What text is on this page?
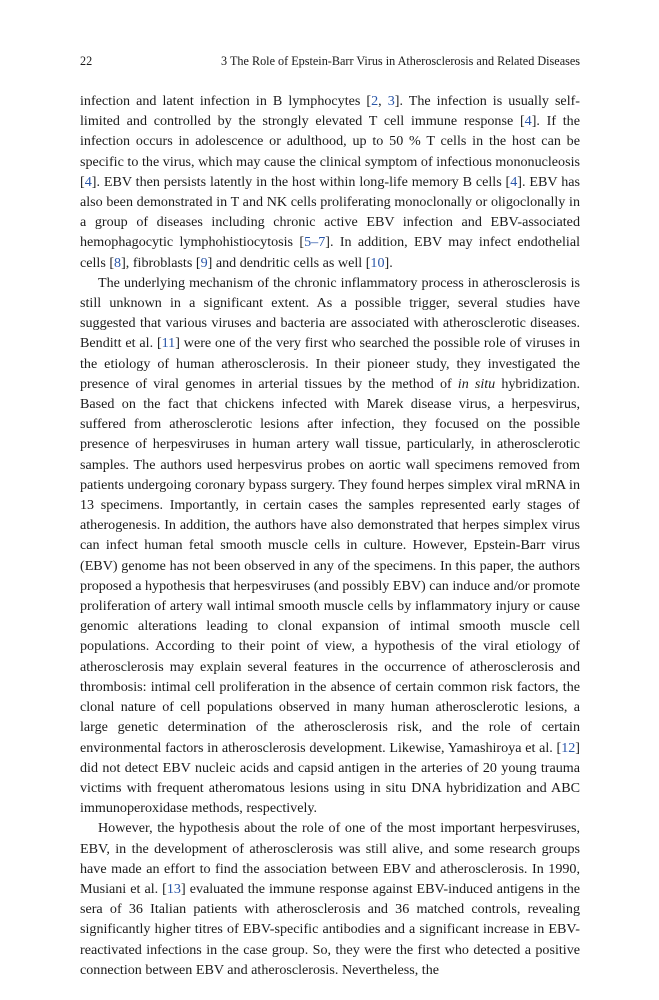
22	3 The Role of Epstein-Barr Virus in Atherosclerosis and Related Diseases

infection and latent infection in B lymphocytes [2, 3]. The infection is usually self-limited and controlled by the strongly elevated T cell immune response [4]. If the infection occurs in adolescence or adulthood, up to 50 % T cells in the host can be specific to the virus, which may cause the clinical symptom of infectious mononucleosis [4]. EBV then persists latently in the host within long-life memory B cells [4]. EBV has also been demonstrated in T and NK cells proliferating monoclonally or oligoclonally in a group of diseases including chronic active EBV infection and EBV-associated hemophagocytic lymphohistiocytosis [5–7]. In addition, EBV may infect endothelial cells [8], fibroblasts [9] and dendritic cells as well [10].

The underlying mechanism of the chronic inflammatory process in atherosclerosis is still unknown in a significant extent. As a possible trigger, several studies have suggested that various viruses and bacteria are associated with atherosclerotic diseases. Benditt et al. [11] were one of the very first who searched the possible role of viruses in the etiology of human atherosclerosis. In their pioneer study, they investigated the presence of viral genomes in arterial tissues by the method of in situ hybridization. Based on the fact that chickens infected with Marek disease virus, a herpesvirus, suffered from atherosclerotic lesions after infection, they focused on the possible presence of herpesviruses in human artery wall tissue, particularly, in atherosclerotic samples. The authors used herpesvirus probes on aortic wall specimens removed from patients undergoing coronary bypass surgery. They found herpes simplex viral mRNA in 13 specimens. Importantly, in certain cases the samples represented early stages of atherogenesis. In addition, the authors have also demonstrated that herpes simplex virus can infect human fetal smooth muscle cells in culture. However, Epstein-Barr virus (EBV) genome has not been observed in any of the specimens. In this paper, the authors proposed a hypothesis that herpesviruses (and possibly EBV) can induce and/or promote proliferation of artery wall intimal smooth muscle cells by inflammatory injury or cause genomic alterations leading to clonal expansion of intimal smooth muscle cell populations. According to their point of view, a hypothesis of the viral etiology of atherosclerosis may explain several features in the occurrence of atherosclerosis and thrombosis: intimal cell proliferation in the absence of certain common risk factors, the clonal nature of cell populations observed in many human atherosclerotic lesions, a large genetic determination of the atherosclerosis risk, and the role of certain environmental factors in atherosclerosis development. Likewise, Yamashiroya et al. [12] did not detect EBV nucleic acids and capsid antigen in the arteries of 20 young trauma victims with frequent atheromatous lesions using in situ DNA hybridization and ABC immunoperoxidase methods, respectively.

However, the hypothesis about the role of one of the most important herpesviruses, EBV, in the development of atherosclerosis was still alive, and some research groups have made an effort to find the association between EBV and atherosclerosis. In 1990, Musiani et al. [13] evaluated the immune response against EBV-induced antigens in the sera of 36 Italian patients with atherosclerosis and 36 matched controls, revealing significantly higher titres of EBV-specific antibodies and a significant increase in EBV-reactivated infections in the case group. So, they were the first who detected a positive connection between EBV and atherosclerosis. Nevertheless, the
